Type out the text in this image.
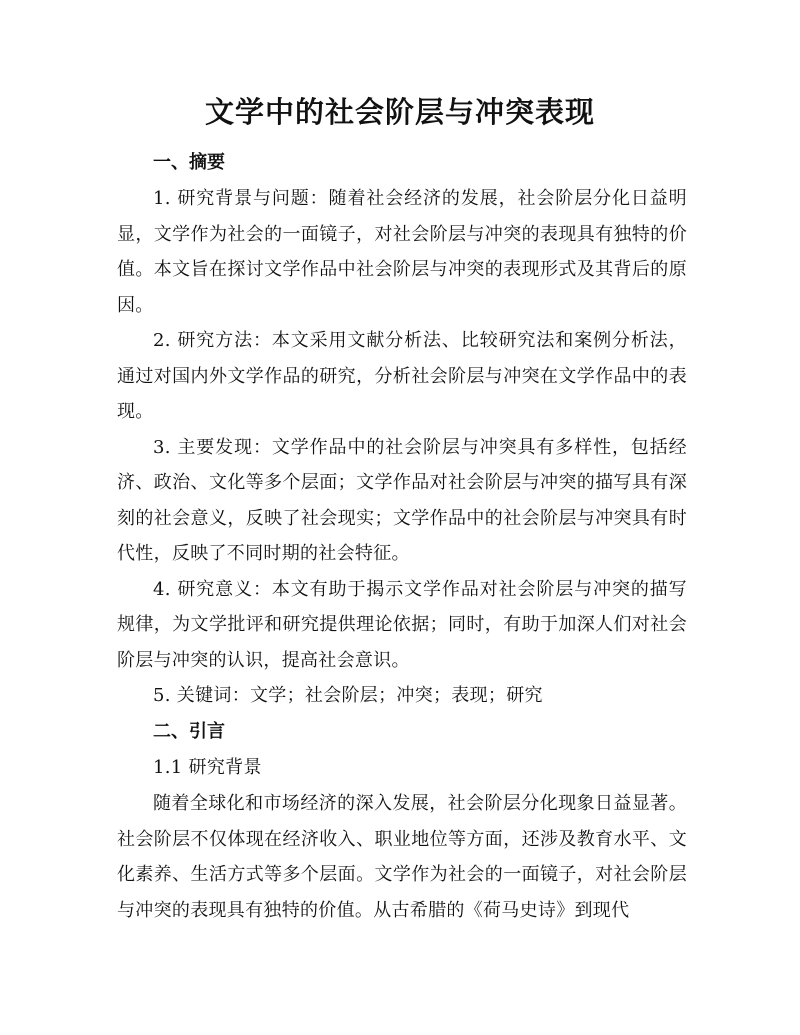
文学中的社会阶层与冲突表现
一、摘要

1. 研究背景与问题：随着社会经济的发展，社会阶层分化日益明显，文学作为社会的一面镜子，对社会阶层与冲突的表现具有独特的价值。本文旨在探讨文学作品中社会阶层与冲突的表现形式及其背后的原因。

2. 研究方法：本文采用文献分析法、比较研究法和案例分析法，通过对国内外文学作品的研究，分析社会阶层与冲突在文学作品中的表现。

3. 主要发现：文学作品中的社会阶层与冲突具有多样性，包括经济、政治、文化等多个层面；文学作品对社会阶层与冲突的描写具有深刻的社会意义，反映了社会现实；文学作品中的社会阶层与冲突具有时代性，反映了不同时期的社会特征。

4. 研究意义：本文有助于揭示文学作品对社会阶层与冲突的描写规律，为文学批评和研究提供理论依据；同时，有助于加深人们对社会阶层与冲突的认识，提高社会意识。

5. 关键词：文学；社会阶层；冲突；表现；研究

二、引言

1.1 研究背景

随着全球化和市场经济的深入发展，社会阶层分化现象日益显著。社会阶层不仅体现在经济收入、职业地位等方面，还涉及教育水平、文化素养、生活方式等多个层面。文学作为社会的一面镜子，对社会阶层与冲突的表现具有独特的价值。从古希腊的《荷马史诗》到现代
